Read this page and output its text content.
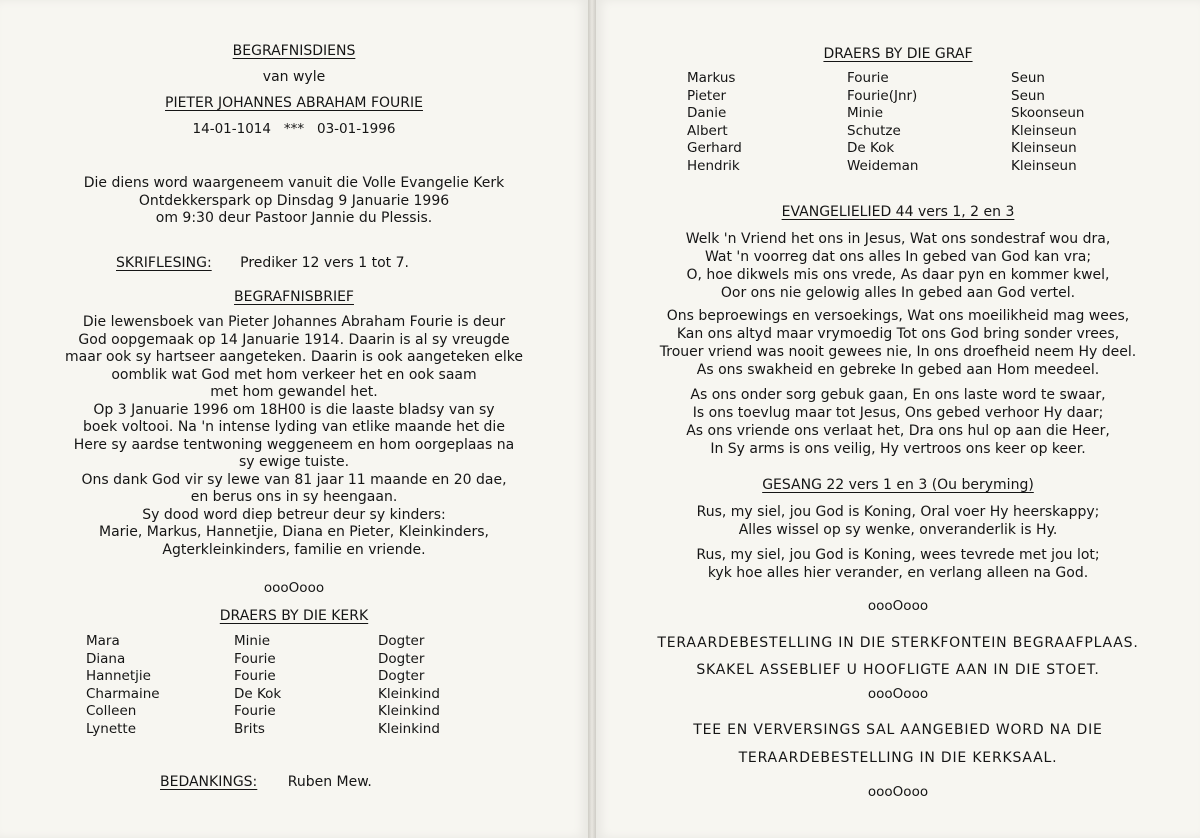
BEGRAFNISDIENS
van wyle
PIETER JOHANNES ABRAHAM FOURIE
14-01-1014   ***   03-01-1996
Die diens word waargeneem vanuit die Volle Evangelie Kerk
Ontdekkerspark op Dinsdag 9 Januarie 1996
om 9:30 deur Pastoor Jannie du Plessis.
SKRIFLESING: Prediker 12 vers 1 tot 7.
BEGRAFNISBRIEF
Die lewensboek van Pieter Johannes Abraham Fourie is deur
God oopgemaak op 14 Januarie 1914. Daarin is al sy vreugde
maar ook sy hartseer aangeteken. Daarin is ook aangeteken elke
oomblik wat God met hom verkeer het en ook saam
met hom gewandel het.
Op 3 Januarie 1996 om 18H00 is die laaste bladsy van sy
boek voltooi. Na 'n intense lyding van etlike maande het die
Here sy aardse tentwoning weggeneem en hom oorgeplaas na
sy ewige tuiste.
Ons dank God vir sy lewe van 81 jaar 11 maande en 20 dae,
en berus ons in sy heengaan.
Sy dood word diep betreur deur sy kinders:
Marie, Markus, Hannetjie, Diana en Pieter, Kleinkinders,
Agterkleinkinders, familie en vriende.
oooOooo
DRAERS BY DIE KERK
Mara	Minie	Dogter
Diana	Fourie	Dogter
Hannetjie	Fourie	Dogter
Charmaine	De Kok	Kleinkind
Colleen	Fourie	Kleinkind
Lynette	Brits	Kleinkind
BEDANKINGS: Ruben Mew.
DRAERS BY DIE GRAF
Markus	Fourie	Seun
Pieter	Fourie(Jnr)	Seun
Danie	Minie	Skoonseun
Albert	Schutze	Kleinseun
Gerhard	De Kok	Kleinseun
Hendrik	Weideman	Kleinseun
EVANGELIELIED 44 vers 1, 2 en 3
Welk 'n Vriend het ons in Jesus, Wat ons sondestraf wou dra,
Wat 'n voorreg dat ons alles In gebed van God kan vra;
O, hoe dikwels mis ons vrede, As daar pyn en kommer kwel,
Oor ons nie gelowig alles In gebed aan God vertel.
Ons beproewings en versoekings, Wat ons moeilikheid mag wees,
Kan ons altyd maar vrymoedig Tot ons God bring sonder vrees,
Trouer vriend was nooit gewees nie, In ons droefheid neem Hy deel.
As ons swakheid en gebreke In gebed aan Hom meedeel.
As ons onder sorg gebuk gaan, En ons laste word te swaar,
Is ons toevlug maar tot Jesus, Ons gebed verhoor Hy daar;
As ons vriende ons verlaat het, Dra ons hul op aan die Heer,
In Sy arms is ons veilig, Hy vertroos ons keer op keer.
GESANG 22 vers 1 en 3 (Ou beryming)
Rus, my siel, jou God is Koning, Oral voer Hy heerskappy;
Alles wissel op sy wenke, onveranderlik is Hy.
Rus, my siel, jou God is Koning, wees tevrede met jou lot;
kyk hoe alles hier verander, en verlang alleen na God.
oooOooo
TERAARDEBESTELLING IN DIE STERKFONTEIN BEGRAAFPLAAS.
SKAKEL ASSEBLIEF U HOOFLIGTE AAN IN DIE STOET.
oooOooo
TEE EN VERVERSINGS SAL AANGEBIED WORD NA DIE
TERAARDEBESTELLING IN DIE KERKSAAL.
oooOooo
